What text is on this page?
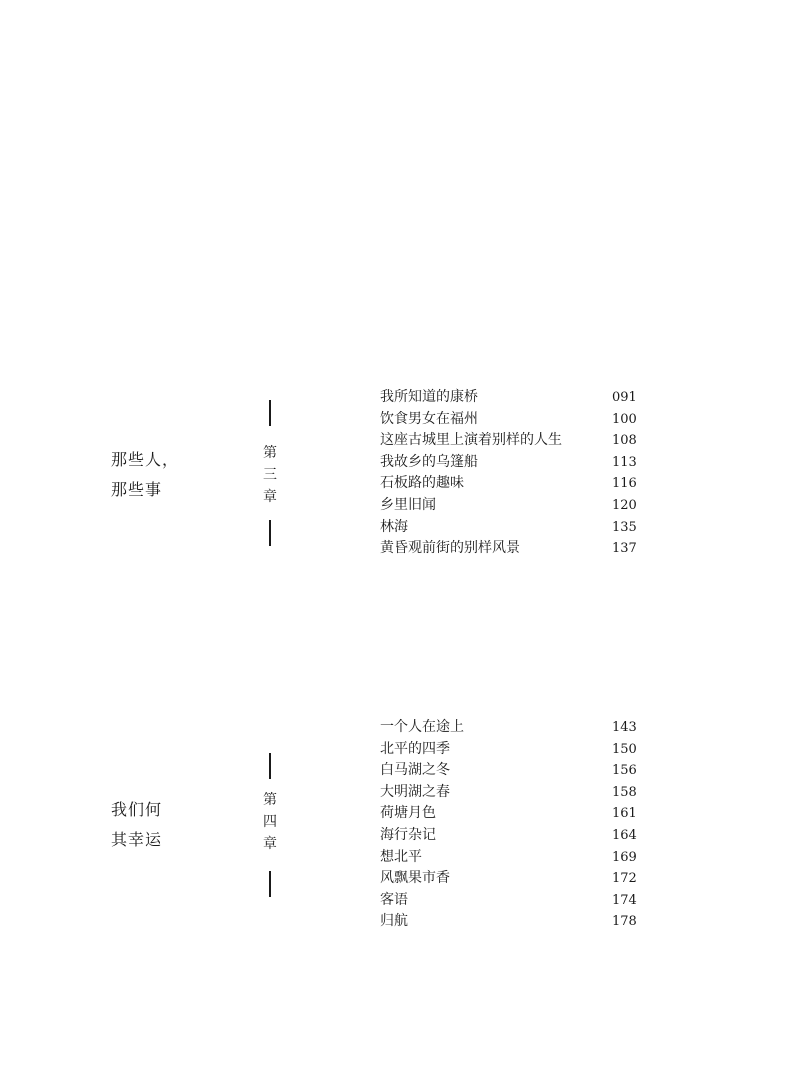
那些人，
那些事
第
三
章
我所知道的康桥	091
饮食男女在福州	100
这座古城里上演着别样的人生	108
我故乡的乌篷船	113
石板路的趣味	116
乡里旧闻	120
林海	135
黄昏观前街的别样风景	137
我们何
其幸运
第
四
章
一个人在途上	143
北平的四季	150
白马湖之冬	156
大明湖之春	158
荷塘月色	161
海行杂记	164
想北平	169
风飘果市香	172
客语	174
归航	178
